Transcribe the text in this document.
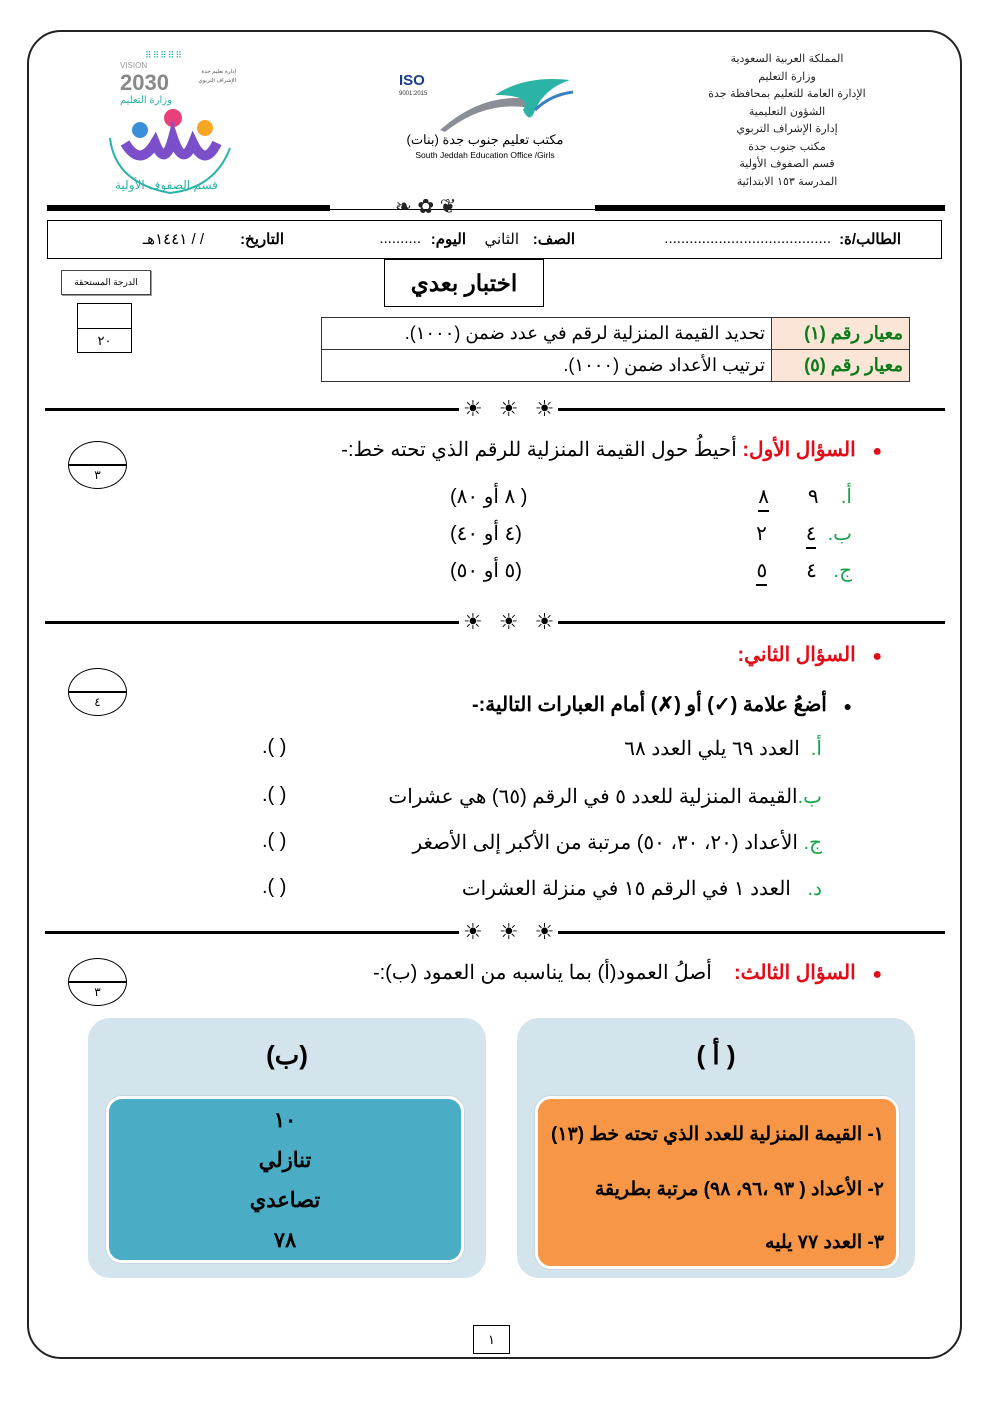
المملكة العربية السعودية
وزارة التعليم
الإدارة العامة للتعليم بمحافظة جدة
الشؤون التعليمية
إدارة الإشراف التربوي
مكتب جنوب جدة
قسم الصفوف الأولية
المدرسة ١٥٣ الابتدائية
ISO
9001:2015
مكتب تعليم جنوب جدة (بنات)
South Jeddah Education Office /Girls
⠿⠿⠿⠿⠿
VISION
2030
وزارة التعليم
إدارة تعليم جدة الإشراف التربوي
قسم الصفوف الأولية
❧ ✿ ❦
الطالب/ة:
........................................
الصف:
الثاني
اليوم:
..........
التاريخ:
/ / ١٤٤١هـ
اختبار بعدي
الدرجة المستحقة
٢٠	معيار رقم (١)	تحديد القيمة المنزلية لرقم في عدد ضمن (١٠٠٠).
معيار رقم (٥)	ترتيب الأعداد ضمن (١٠٠٠).
☀ ☀ ☀
☀ ☀ ☀
☀ ☀ ☀
●   السؤال الأول: أحيطُ حول القيمة المنزلية للرقم الذي تحته خط:-
٣
أ.    ٩       ٨
( ٨ أو ٨٠)
ب.  ٤       ٢
(٤ أو ٤٠)
ج.   ٤       ٥
(٥ أو ٥٠)
●   السؤال الثاني:
٤	●   أضعُ علامة (✓) أو (✗) أمام العبارات التالية:-
أ.  العدد ٦٩ يلي العدد ٦٨
.( )
ب.القيمة المنزلية للعدد ٥ في الرقم (٦٥) هي عشرات
.( )
ج. الأعداد (٢٠، ٣٠، ٥٠) مرتبة من الأكبر إلى الأصغر
.( )
د.   العدد ١ في الرقم ١٥ في منزلة العشرات
.( )
●   السؤال الثالث:    أصلُ العمود(أ) بما يناسبه من العمود (ب):-
٣
( أ )
١- القيمة المنزلية للعدد الذي تحته خط (١٣)
٢- الأعداد ( ٩٣ ،٩٦، ٩٨) مرتبة بطريقة
٣- العدد ٧٧ يليه
(ب)
١٠
تنازلي
تصاعدي
٧٨
١
